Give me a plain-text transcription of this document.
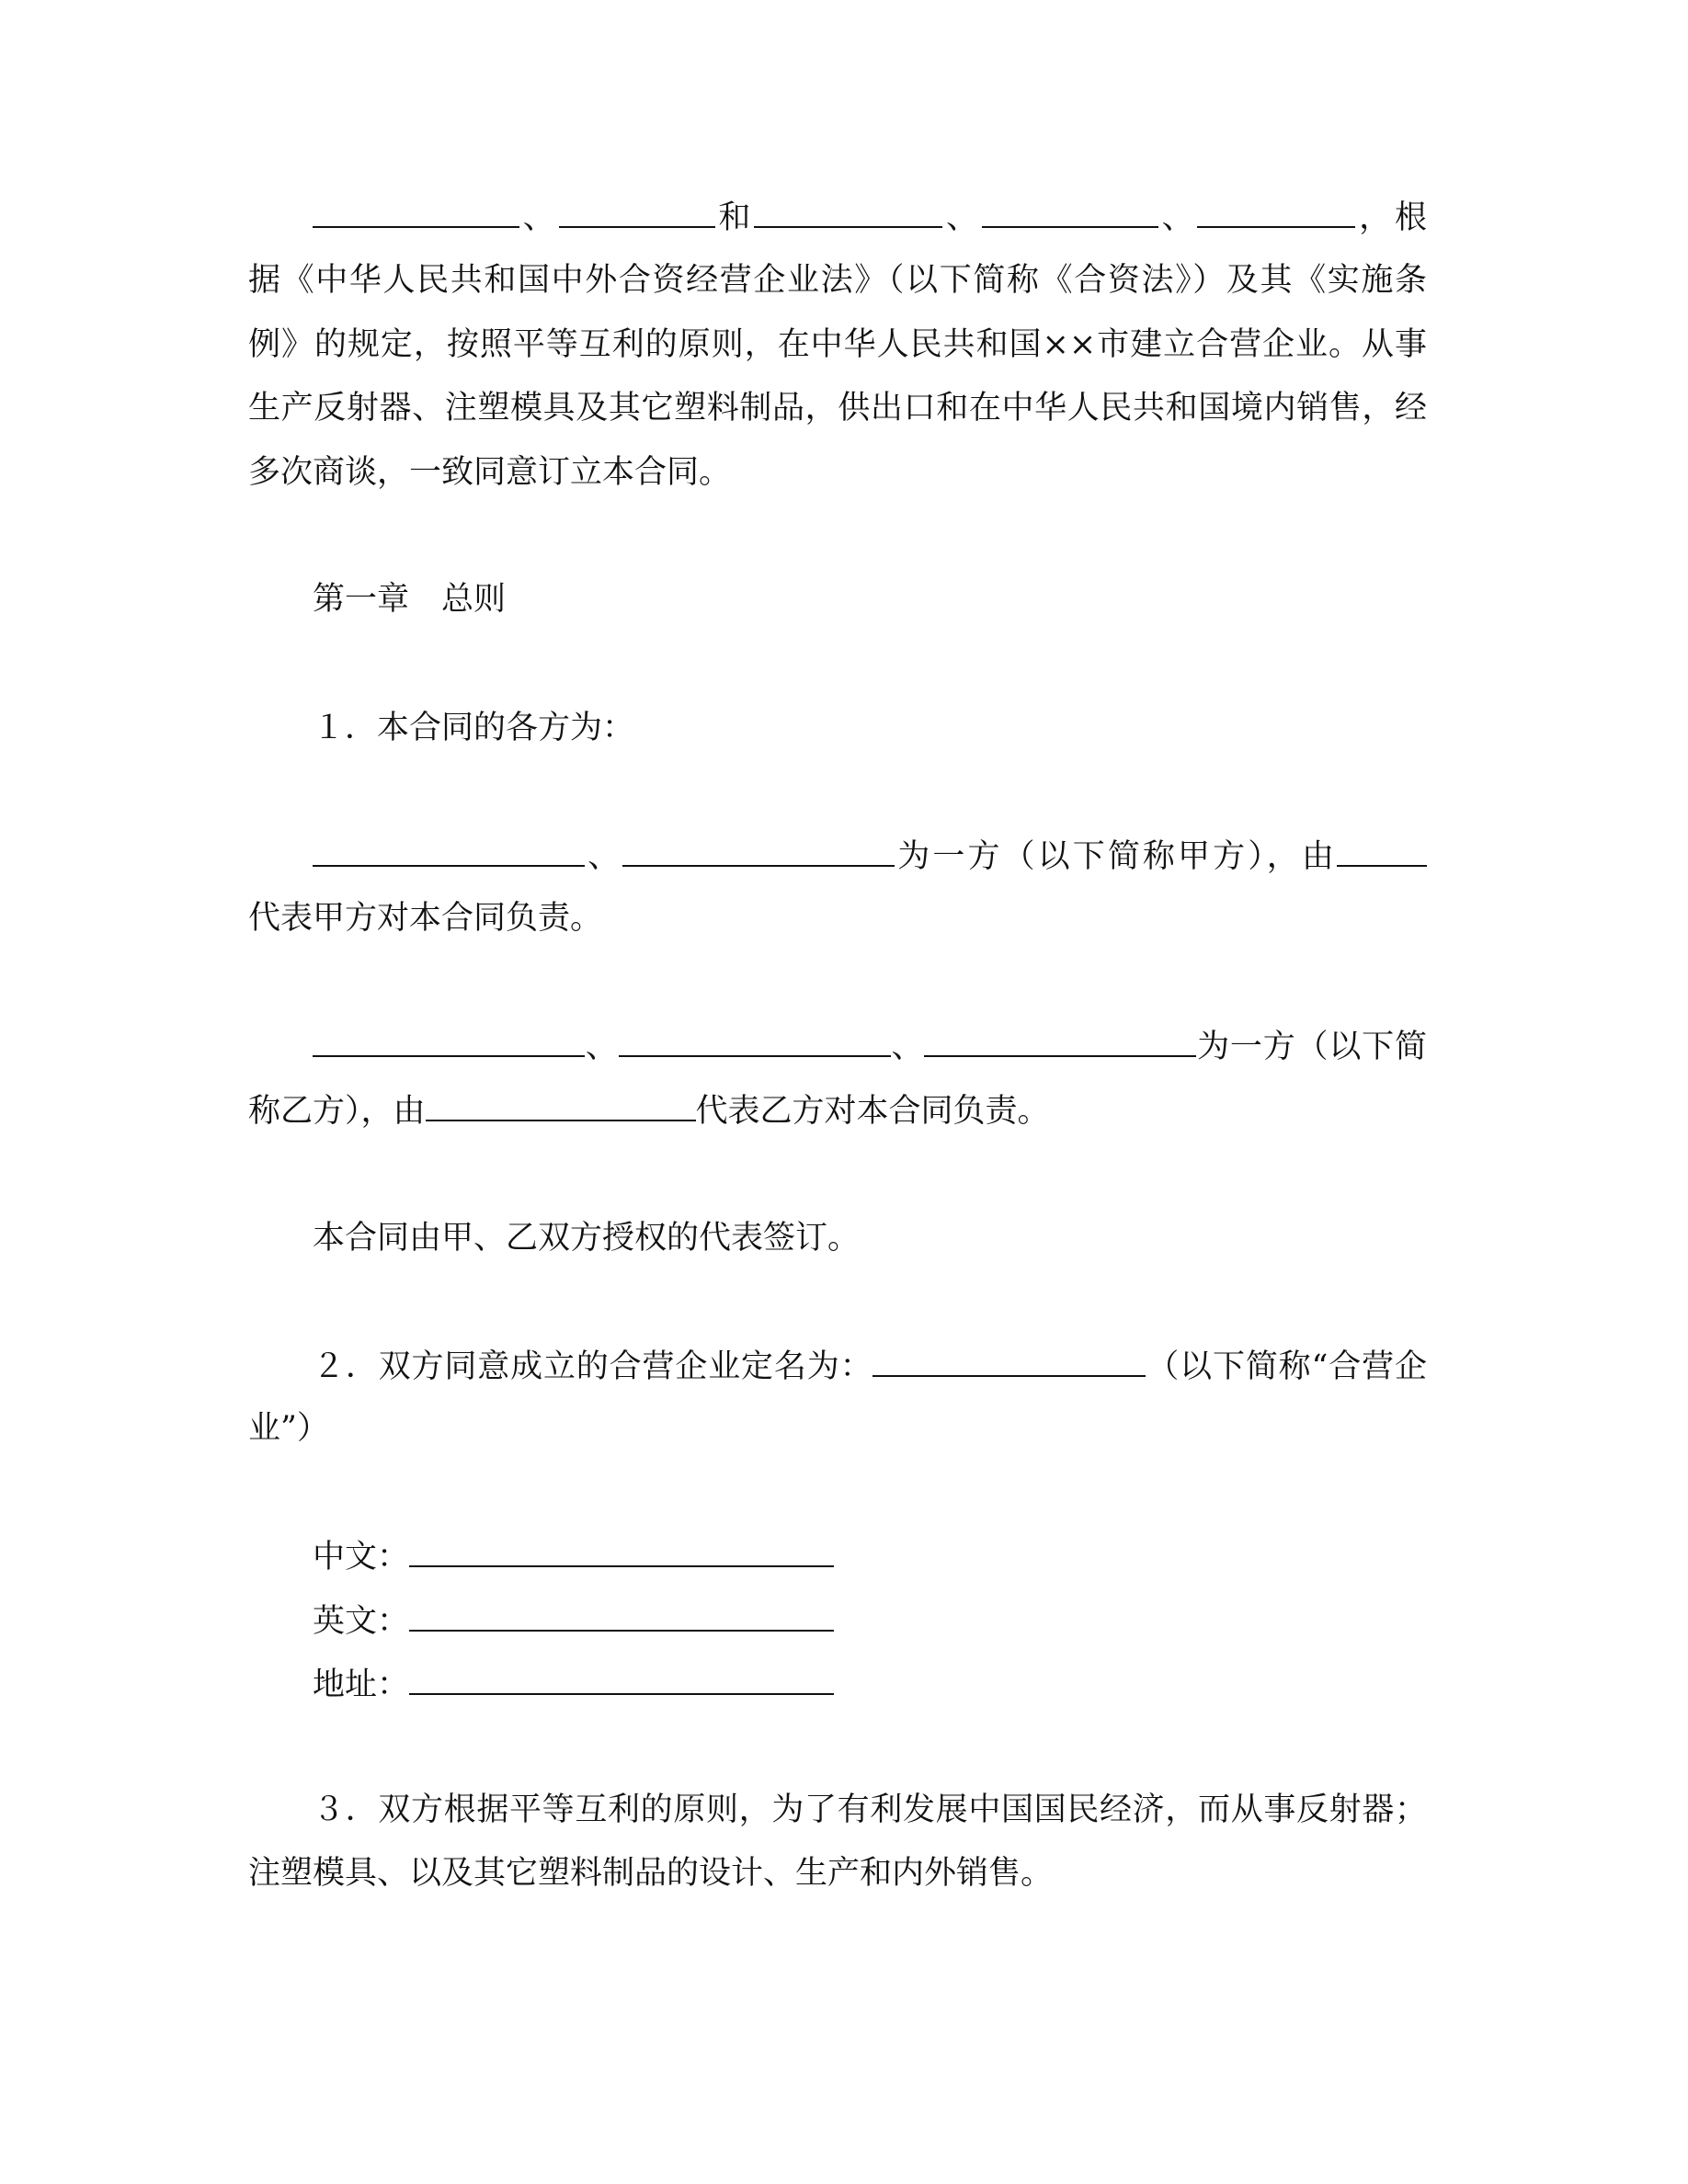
、	和	、	、	，根
据《中华人民共和国中外合资经营企业法》（以下简称《合资法》）及其《实施条
例》的规定，按照平等互利的原则，在中华人民共和国××市建立合营企业。从事
生产反射器、注塑模具及其它塑料制品，供出口和在中华人民共和国境内销售，经
多次商谈，一致同意订立本合同。
第一章　总则
１．本合同的各方为：
、	为一方（以下简称甲方），由
代表甲方对本合同负责。
、	、	为一方（以下简
称乙方），由	代表乙方对本合同负责。
本合同由甲、乙双方授权的代表签订。
２．双方同意成立的合营企业定名为：	（以下简称“合营企
业”）
中文：
英文：
地址：
３．双方根据平等互利的原则，为了有利发展中国国民经济，而从事反射器；
注塑模具、以及其它塑料制品的设计、生产和内外销售。
